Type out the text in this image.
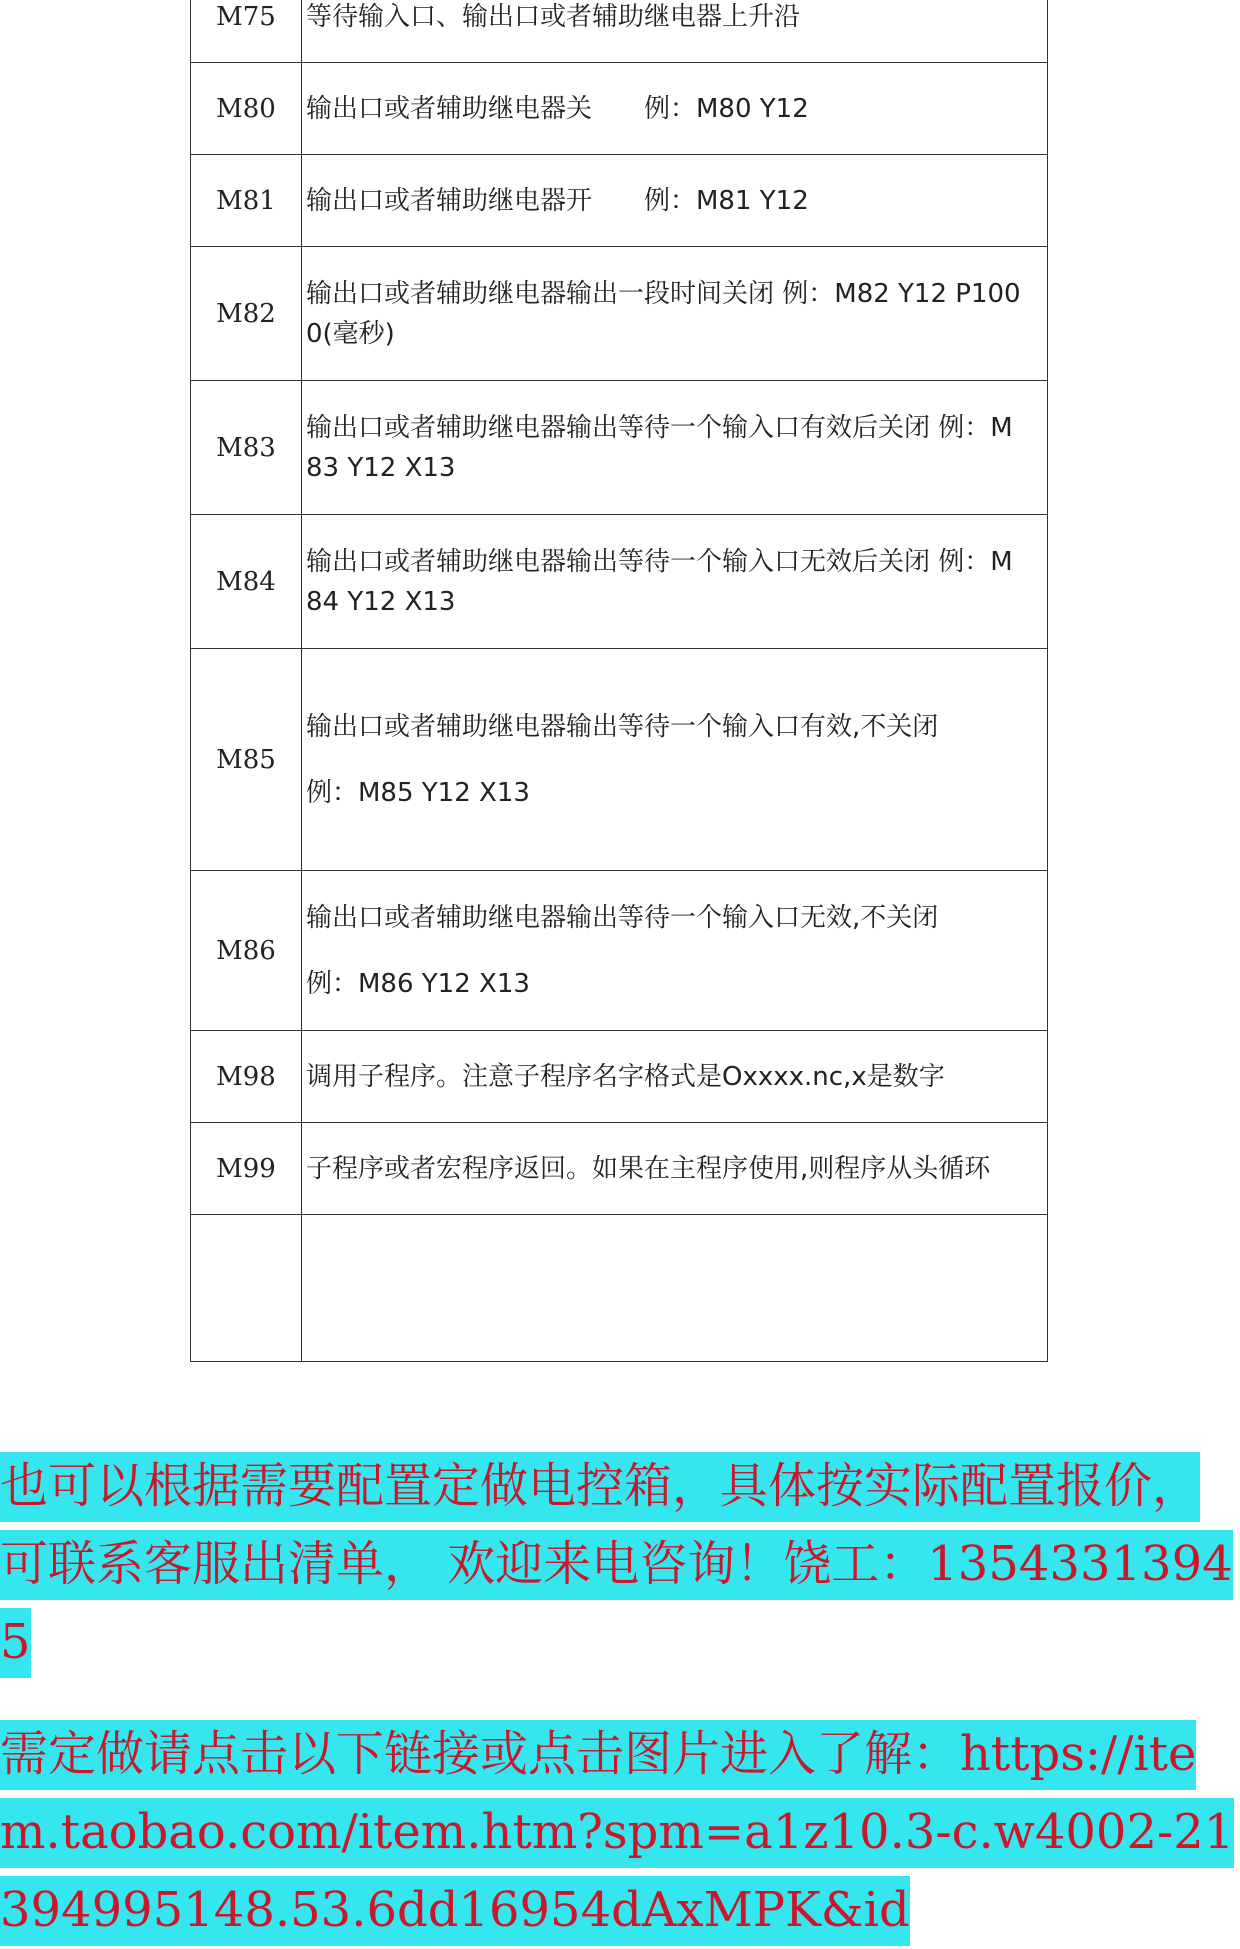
M75	等待输入口、输出口或者辅助继电器上升沿

M80	输出口或者辅助继电器关　　例：M80 Y12

M81	输出口或者辅助继电器开　　例：M81 Y12

M82	输出口或者辅助继电器输出一段时间关闭 例：M82 Y12 P100
0(毫秒)

M83	输出口或者辅助继电器输出等待一个输入口有效后关闭 例：M
83 Y12 X13

M84	输出口或者辅助继电器输出等待一个输入口无效后关闭 例：M
84 Y12 X13

M85	输出口或者辅助继电器输出等待一个输入口有效,不关闭
例：M85 Y12 X13

M86	输出口或者辅助继电器输出等待一个输入口无效,不关闭
例：M86 Y12 X13

M98	调用子程序。注意子程序名字格式是Oxxxx.nc,x是数字

M99	子程序或者宏程序返回。如果在主程序使用,则程序从头循环

也可以根据需要配置定做电控箱，具体按实际配置报价，可联系客服出清单， 欢迎来电咨询！饶工：13543313945

需定做请点击以下链接或点击图片进入了解：https://item.taobao.com/item.htm?spm=a1z10.3-c.w4002-21394995148.53.6dd16954dAxMPK&id
